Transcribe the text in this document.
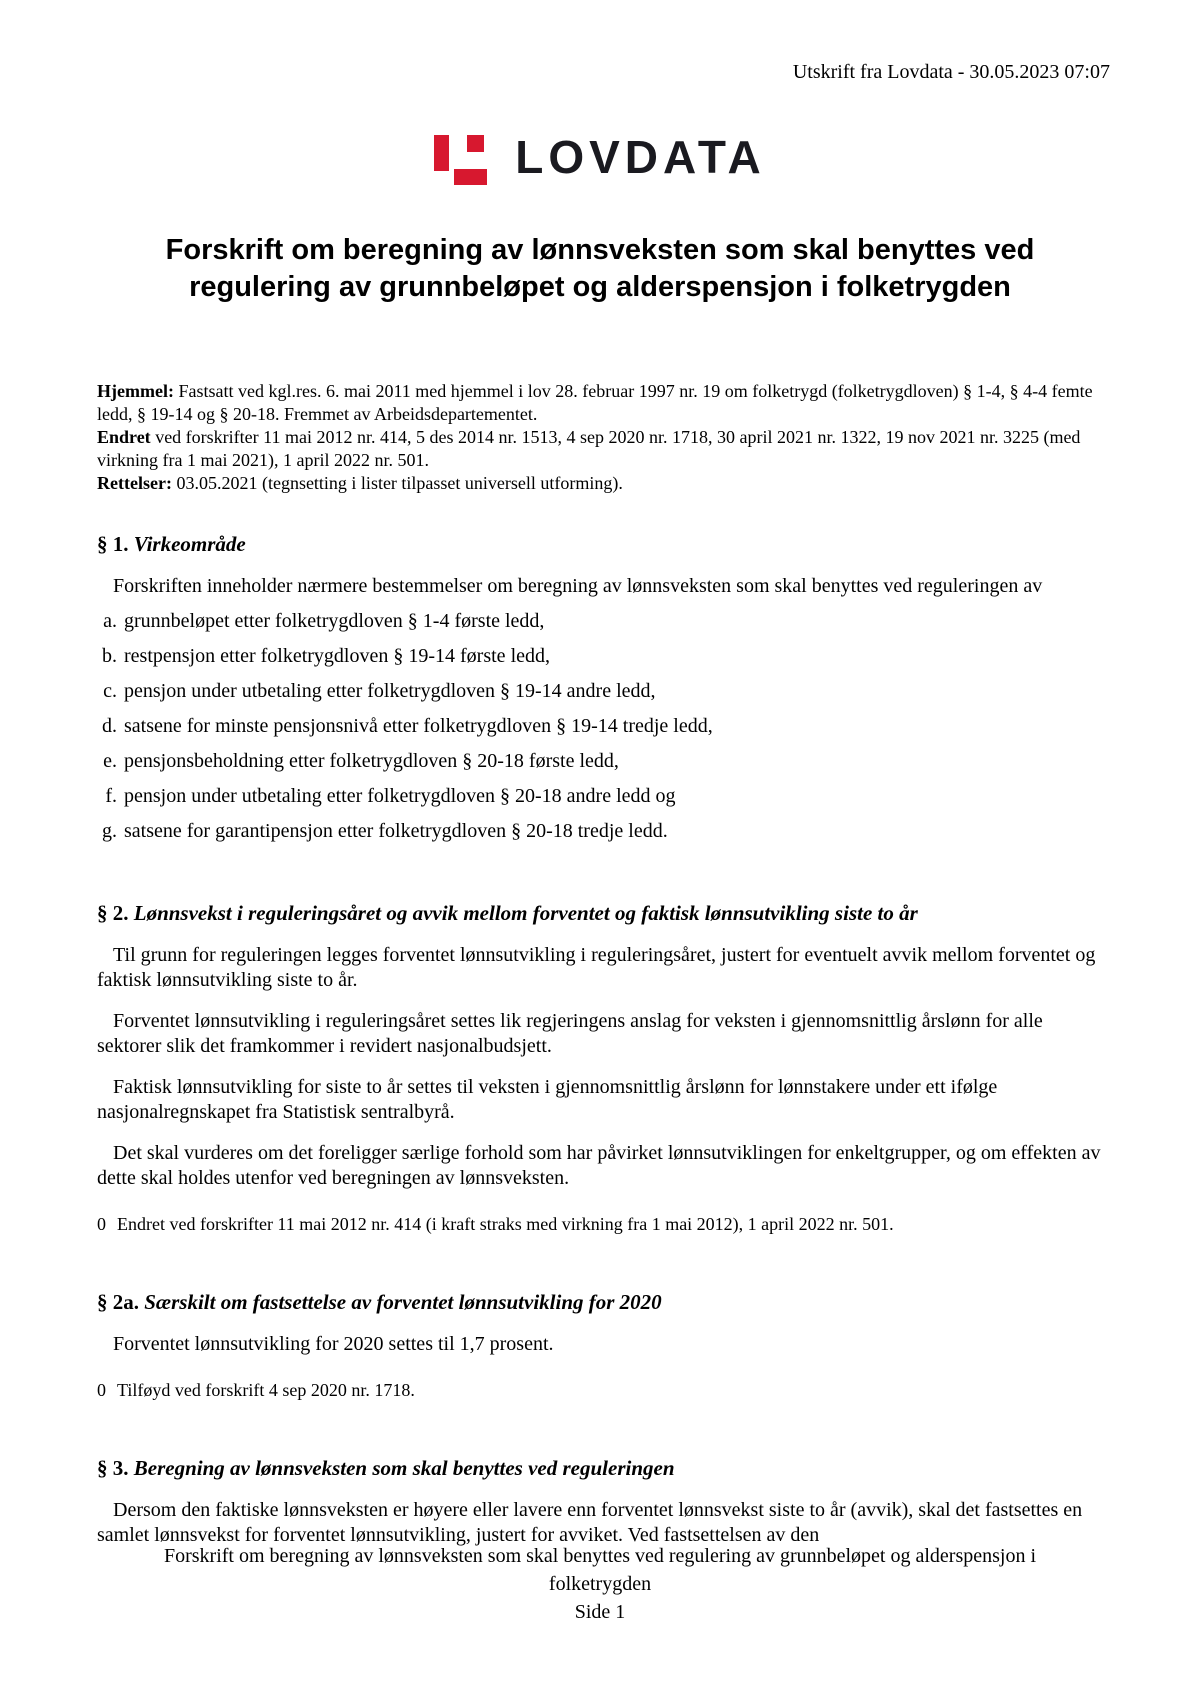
Utskrift fra Lovdata - 30.05.2023 07:07
LOVDATA
Forskrift om beregning av lønnsveksten som skal benyttes ved
regulering av grunnbeløpet og alderspensjon i folketrygden
Hjemmel: Fastsatt ved kgl.res. 6. mai 2011 med hjemmel i lov 28. februar 1997 nr. 19 om folketrygd (folketrygdloven) § 1-4, § 4-4 femte ledd, § 19-14 og § 20-18. Fremmet av Arbeidsdepartementet.
Endret ved forskrifter 11 mai 2012 nr. 414, 5 des 2014 nr. 1513, 4 sep 2020 nr. 1718, 30 april 2021 nr. 1322, 19 nov 2021 nr. 3225 (med virkning fra 1 mai 2021), 1 april 2022 nr. 501.
Rettelser: 03.05.2021 (tegnsetting i lister tilpasset universell utforming).
§ 1. Virkeområde

Forskriften inneholder nærmere bestemmelser om beregning av lønnsveksten som skal benyttes ved reguleringen av

a. grunnbeløpet etter folketrygdloven § 1-4 første ledd,
b. restpensjon etter folketrygdloven § 19-14 første ledd,
c. pensjon under utbetaling etter folketrygdloven § 19-14 andre ledd,
d. satsene for minste pensjonsnivå etter folketrygdloven § 19-14 tredje ledd,
e. pensjonsbeholdning etter folketrygdloven § 20-18 første ledd,
f. pensjon under utbetaling etter folketrygdloven § 20-18 andre ledd og
g. satsene for garantipensjon etter folketrygdloven § 20-18 tredje ledd.
§ 2. Lønnsvekst i reguleringsåret og avvik mellom forventet og faktisk lønnsutvikling siste to år

Til grunn for reguleringen legges forventet lønnsutvikling i reguleringsåret, justert for eventuelt avvik mellom forventet og faktisk lønnsutvikling siste to år.

Forventet lønnsutvikling i reguleringsåret settes lik regjeringens anslag for veksten i gjennomsnittlig årslønn for alle sektorer slik det framkommer i revidert nasjonalbudsjett.

Faktisk lønnsutvikling for siste to år settes til veksten i gjennomsnittlig årslønn for lønnstakere under ett ifølge nasjonalregnskapet fra Statistisk sentralbyrå.

Det skal vurderes om det foreligger særlige forhold som har påvirket lønnsutviklingen for enkeltgrupper, og om effekten av dette skal holdes utenfor ved beregningen av lønnsveksten.

0 Endret ved forskrifter 11 mai 2012 nr. 414 (i kraft straks med virkning fra 1 mai 2012), 1 april 2022 nr. 501.
§ 2a. Særskilt om fastsettelse av forventet lønnsutvikling for 2020

Forventet lønnsutvikling for 2020 settes til 1,7 prosent.

0 Tilføyd ved forskrift 4 sep 2020 nr. 1718.
§ 3. Beregning av lønnsveksten som skal benyttes ved reguleringen

Dersom den faktiske lønnsveksten er høyere eller lavere enn forventet lønnsvekst siste to år (avvik), skal det fastsettes en samlet lønnsvekst for forventet lønnsutvikling, justert for avviket. Ved fastsettelsen av den

Forskrift om beregning av lønnsveksten som skal benyttes ved regulering av grunnbeløpet og alderspensjon i
folketrygden
Side 1
